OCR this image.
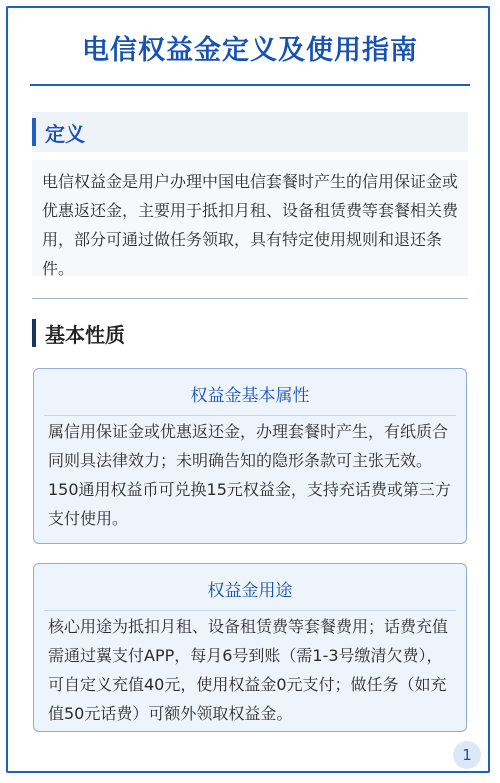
电信权益金定义及使用指南
定义
电信权益金是用户办理中国电信套餐时产生的信用保证金或优惠返还金，主要用于抵扣月租、设备租赁费等套餐相关费用，部分可通过做任务领取，具有特定使用规则和退还条件。
基本性质
权益金基本属性
属信用保证金或优惠返还金，办理套餐时产生，有纸质合同则具法律效力；未明确告知的隐形条款可主张无效。150通用权益币可兑换15元权益金，支持充话费或第三方支付使用。
权益金用途
核心用途为抵扣月租、设备租赁费等套餐费用；话费充值需通过翼支付APP，每月6号到账（需1-3号缴清欠费），可自定义充值40元，使用权益金0元支付；做任务（如充值50元话费）可额外领取权益金。
1
